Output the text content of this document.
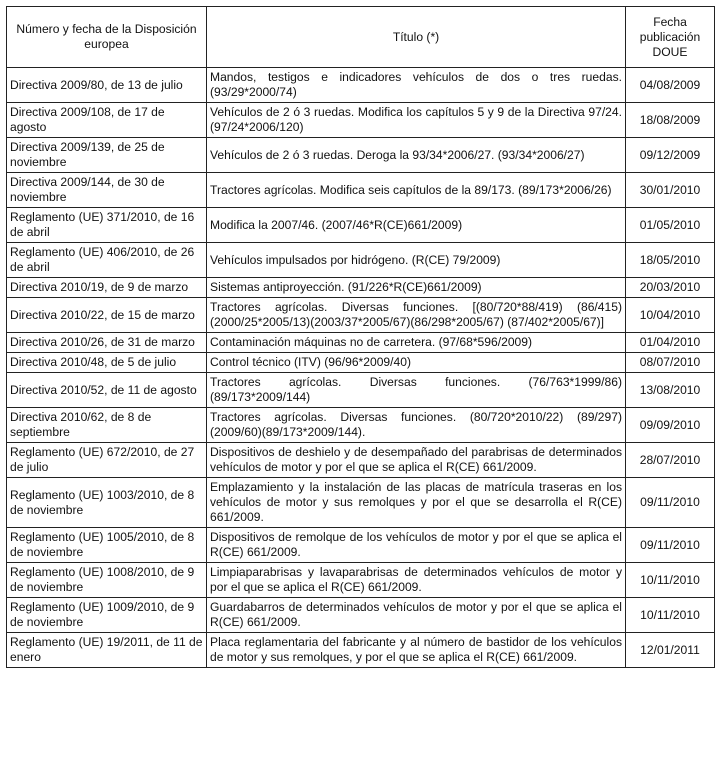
Número y fecha de la Disposición europea	Título (*)	Fecha publicación DOUE
Directiva 2009/80, de 13 de julio	Mandos, testigos e indicadores vehículos de dos o tres ruedas. (93/29*2000/74)	04/08/2009
Directiva 2009/108, de 17 de agosto	Vehículos de 2 ó 3 ruedas. Modifica los capítulos 5 y 9 de la Directiva 97/24. (97/24*2006/120)	18/08/2009
Directiva 2009/139, de 25 de noviembre	Vehículos de 2 ó 3 ruedas. Deroga la 93/34*2006/27. (93/34*2006/27)	09/12/2009
Directiva 2009/144, de 30 de noviembre	Tractores agrícolas. Modifica seis capítulos de la 89/173. (89/173*2006/26)	30/01/2010
Reglamento (UE) 371/2010, de 16 de abril	Modifica la 2007/46. (2007/46*R(CE)661/2009)	01/05/2010
Reglamento (UE) 406/2010, de 26 de abril	Vehículos impulsados por hidrógeno. (R(CE) 79/2009)	18/05/2010
Directiva 2010/19, de 9 de marzo	Sistemas antiproyección. (91/226*R(CE)661/2009)	20/03/2010
Directiva 2010/22, de 15 de marzo	Tractores agrícolas. Diversas funciones. [(80/720*88/419) (86/415) (2000/25*2005/13)(2003/37*2005/67)(86/298*2005/67) (87/402*2005/67)]	10/04/2010
Directiva 2010/26, de 31 de marzo	Contaminación máquinas no de carretera. (97/68*596/2009)	01/04/2010
Directiva 2010/48, de 5 de julio	Control técnico (ITV) (96/96*2009/40)	08/07/2010
Directiva 2010/52, de 11 de agosto	Tractores agrícolas. Diversas funciones. (76/763*1999/86)(89/173*2009/144)	13/08/2010
Directiva 2010/62, de 8 de septiembre	Tractores agrícolas. Diversas funciones. (80/720*2010/22) (89/297) (2009/60)(89/173*2009/144).	09/09/2010
Reglamento (UE) 672/2010, de 27 de julio	Dispositivos de deshielo y de desempañado del parabrisas de determinados vehículos de motor y por el que se aplica el R(CE) 661/2009.	28/07/2010
Reglamento (UE) 1003/2010, de 8 de noviembre	Emplazamiento y la instalación de las placas de matrícula traseras en los vehículos de motor y sus remolques y por el que se desarrolla el R(CE) 661/2009.	09/11/2010
Reglamento (UE) 1005/2010, de 8 de noviembre	Dispositivos de remolque de los vehículos de motor y por el que se aplica el R(CE) 661/2009.	09/11/2010
Reglamento (UE) 1008/2010, de 9 de noviembre	Limpiaparabrisas y lavaparabrisas de determinados vehículos de motor y por el que se aplica el R(CE) 661/2009.	10/11/2010
Reglamento (UE) 1009/2010, de 9 de noviembre	Guardabarros de determinados vehículos de motor y por el que se aplica el R(CE) 661/2009.	10/11/2010
Reglamento (UE) 19/2011, de 11 de enero	Placa reglamentaria del fabricante y al número de bastidor de los vehículos de motor y sus remolques, y por el que se aplica el R(CE) 661/2009.	12/01/2011
